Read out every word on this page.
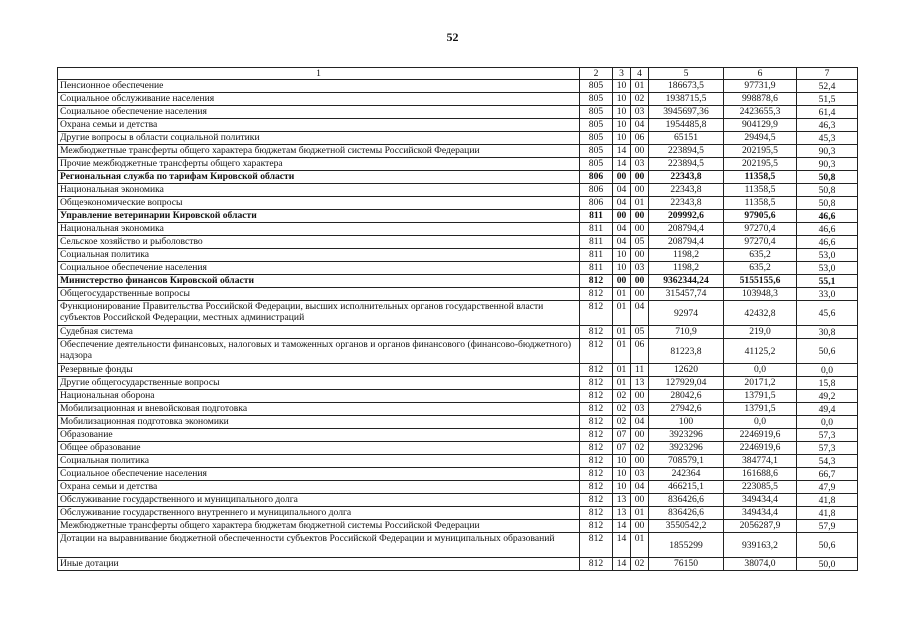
52
1	2	3	4	5	6	7
Пенсионное обеспечение	805	10	01	186673,5	97731,9	52,4
Социальное обслуживание населения	805	10	02	1938715,5	998878,6	51,5
Социальное обеспечение населения	805	10	03	3945697,36	2423655,3	61,4
Охрана семьи и детства	805	10	04	1954485,8	904129,9	46,3
Другие вопросы в области социальной политики	805	10	06	65151	29494,5	45,3
Межбюджетные трансферты общего характера бюджетам бюджетной системы Российской Федерации	805	14	00	223894,5	202195,5	90,3
Прочие межбюджетные трансферты общего характера	805	14	03	223894,5	202195,5	90,3
Региональная служба по тарифам Кировской области	806	00	00	22343,8	11358,5	50,8
Национальная экономика	806	04	00	22343,8	11358,5	50,8
Общеэкономические вопросы	806	04	01	22343,8	11358,5	50,8
Управление ветеринарии Кировской области	811	00	00	209992,6	97905,6	46,6
Национальная экономика	811	04	00	208794,4	97270,4	46,6
Сельское хозяйство и рыболовство	811	04	05	208794,4	97270,4	46,6
Социальная политика	811	10	00	1198,2	635,2	53,0
Социальное обеспечение населения	811	10	03	1198,2	635,2	53,0
Министерство финансов Кировской области	812	00	00	9362344,24	5155155,6	55,1
Общегосударственные вопросы	812	01	00	315457,74	103948,3	33,0
Функционирование Правительства Российской Федерации, высших исполнительных органов государственной власти субъектов Российской Федерации, местных администраций	812	01	04	92974	42432,8	45,6
Судебная система	812	01	05	710,9	219,0	30,8
Обеспечение деятельности финансовых, налоговых и таможенных органов и органов финансового (финансово-бюджетного) надзора	812	01	06	81223,8	41125,2	50,6
Резервные фонды	812	01	11	12620	0,0	0,0
Другие общегосударственные вопросы	812	01	13	127929,04	20171,2	15,8
Национальная оборона	812	02	00	28042,6	13791,5	49,2
Мобилизационная и вневойсковая подготовка	812	02	03	27942,6	13791,5	49,4
Мобилизационная подготовка экономики	812	02	04	100	0,0	0,0
Образование	812	07	00	3923296	2246919,6	57,3
Общее образование	812	07	02	3923296	2246919,6	57,3
Социальная политика	812	10	00	708579,1	384774,1	54,3
Социальное обеспечение населения	812	10	03	242364	161688,6	66,7
Охрана семьи и детства	812	10	04	466215,1	223085,5	47,9
Обслуживание государственного и муниципального долга	812	13	00	836426,6	349434,4	41,8
Обслуживание государственного внутреннего и муниципального долга	812	13	01	836426,6	349434,4	41,8
Межбюджетные трансферты общего характера бюджетам бюджетной системы Российской Федерации	812	14	00	3550542,2	2056287,9	57,9
Дотации на выравнивание бюджетной обеспеченности субъектов Российской Федерации и муниципальных образований	812	14	01	1855299	939163,2	50,6
Иные дотации	812	14	02	76150	38074,0	50,0
